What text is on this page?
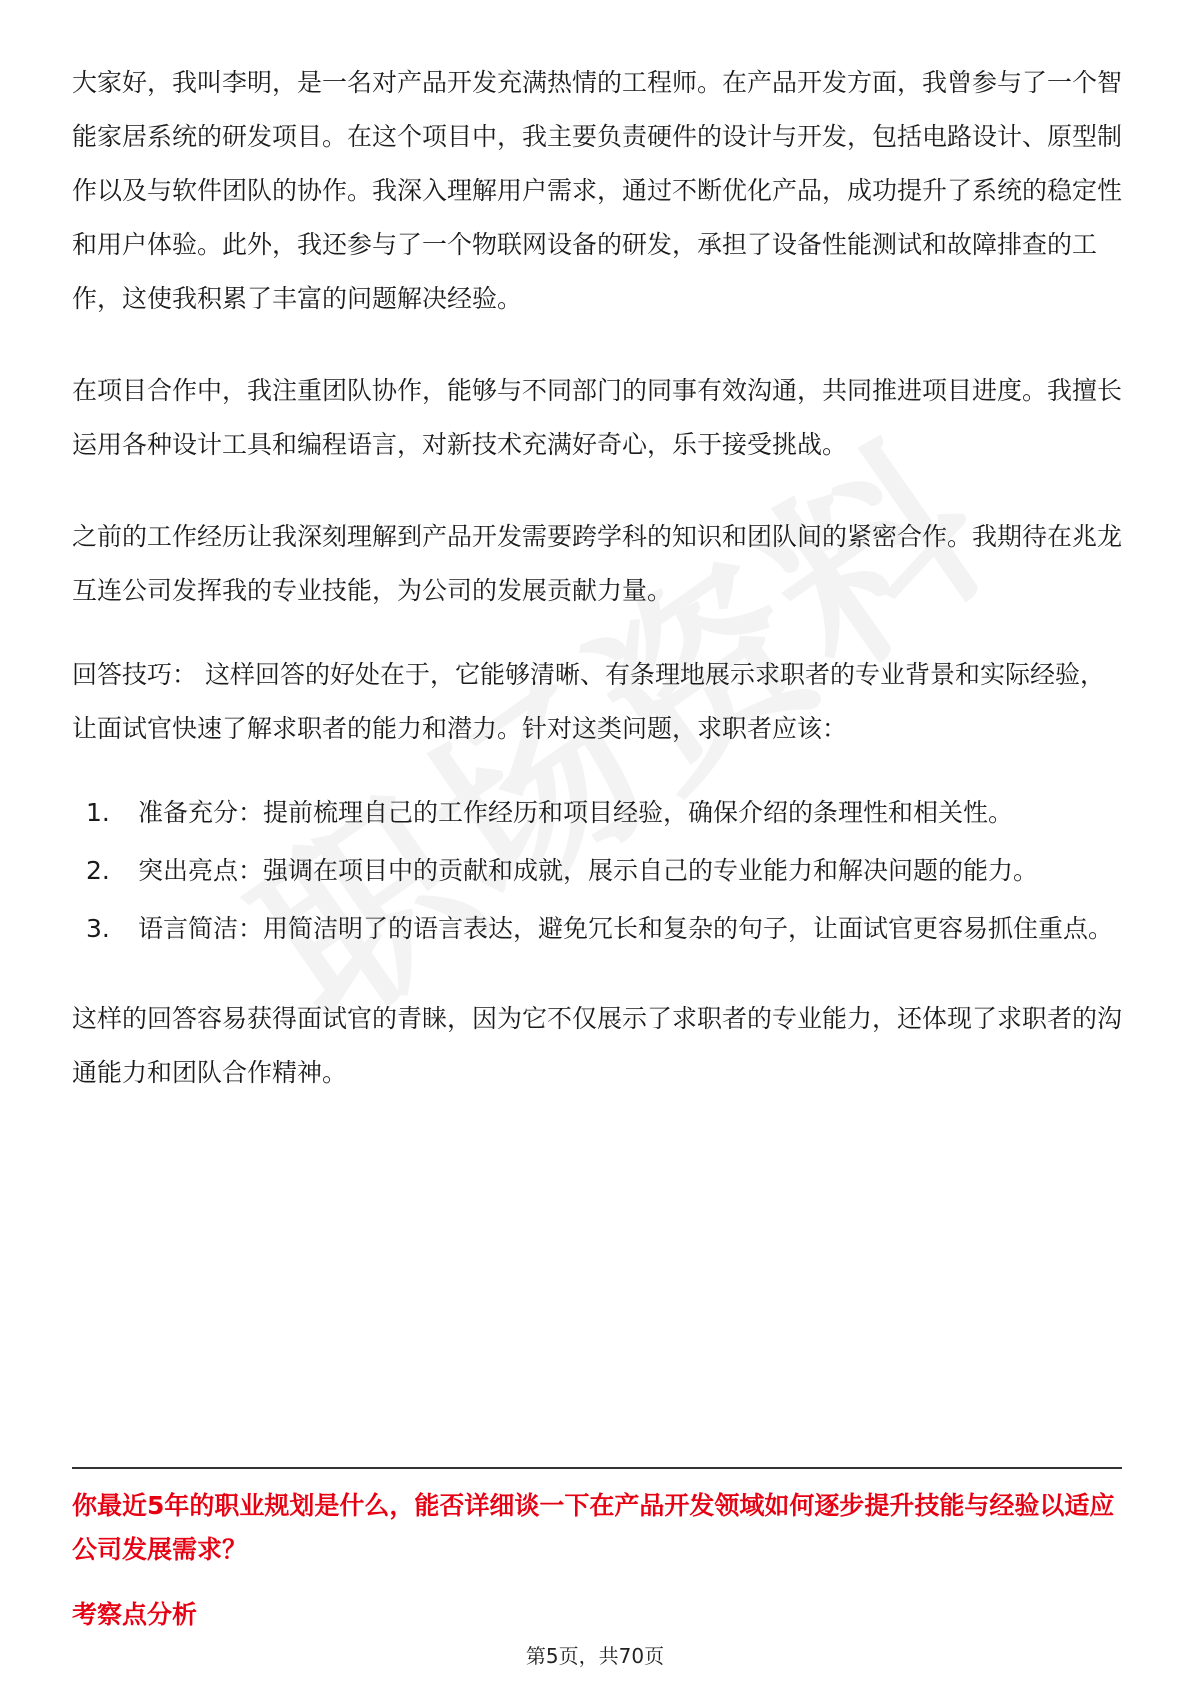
大家好，我叫李明，是一名对产品开发充满热情的工程师。在产品开发方面，我曾参与了一个智能家居系统的研发项目。在这个项目中，我主要负责硬件的设计与开发，包括电路设计、原型制作以及与软件团队的协作。我深入理解用户需求，通过不断优化产品，成功提升了系统的稳定性和用户体验。此外，我还参与了一个物联网设备的研发，承担了设备性能测试和故障排查的工作，这使我积累了丰富的问题解决经验。

在项目合作中，我注重团队协作，能够与不同部门的同事有效沟通，共同推进项目进度。我擅长运用各种设计工具和编程语言，对新技术充满好奇心，乐于接受挑战。

之前的工作经历让我深刻理解到产品开发需要跨学科的知识和团队间的紧密合作。我期待在兆龙互连公司发挥我的专业技能，为公司的发展贡献力量。

回答技巧： 这样回答的好处在于，它能够清晰、有条理地展示求职者的专业背景和实际经验，让面试官快速了解求职者的能力和潜力。针对这类问题，求职者应该：

1.	准备充分：提前梳理自己的工作经历和项目经验，确保介绍的条理性和相关性。
2.	突出亮点：强调在项目中的贡献和成就，展示自己的专业能力和解决问题的能力。
3.	语言简洁：用简洁明了的语言表达，避免冗长和复杂的句子，让面试官更容易抓住重点。

这样的回答容易获得面试官的青睐，因为它不仅展示了求职者的专业能力，还体现了求职者的沟通能力和团队合作精神。

你最近5年的职业规划是什么，能否详细谈一下在产品开发领域如何逐步提升技能与经验以适应公司发展需求？

考察点分析

第5页，共70页
